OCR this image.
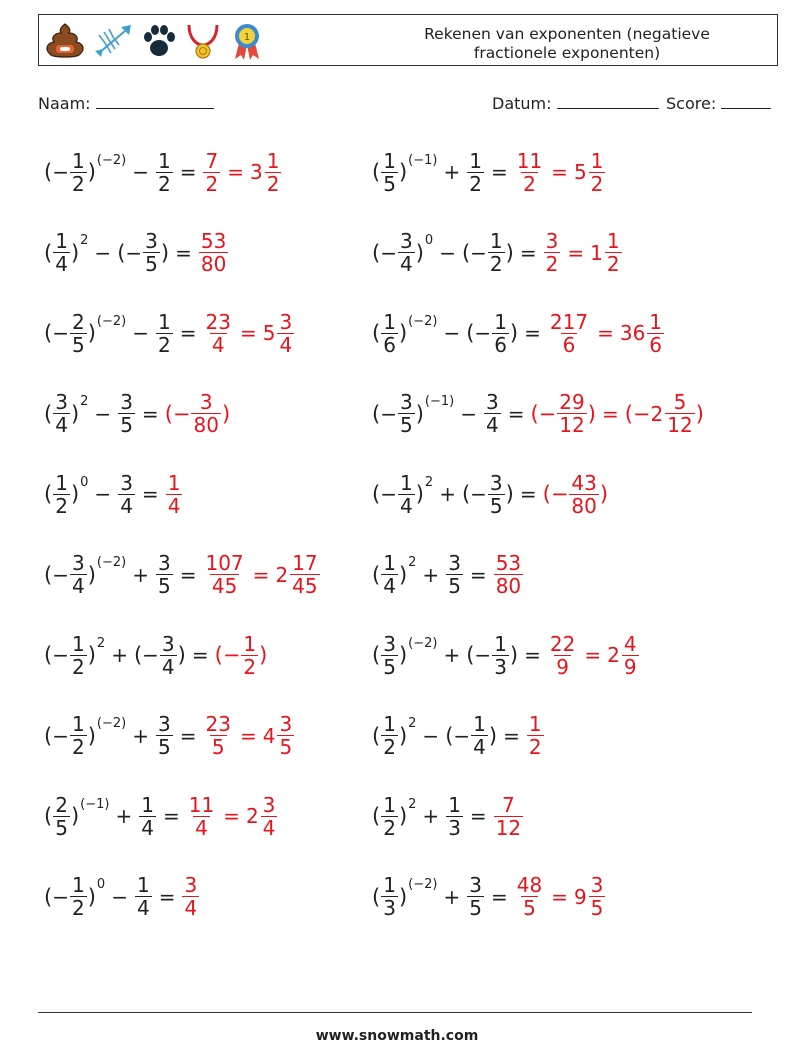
1	Rekenen van exponenten (negatieve
fractionele exponenten)
Naam:	Datum:	Score:
( − $\frac{1}{2}$ ) $(-2) - \frac{1}{2} = \frac{7}{2} = 3 \frac{1}{2}$	( $\frac{1}{5}$ ) $(-1) + \frac{1}{2} = \frac{11}{2} = 5 \frac{1}{2}$
( $\frac{1}{4}$ ) 2 − ( − $\frac{3}{5}$ ) = $\frac{53}{80}$	( − $\frac{3}{4}$ ) 0 − ( − $\frac{1}{2}$ ) = $\frac{3}{2} = 1 \frac{1}{2}$
( − $\frac{2}{5}$ ) $(-2) - \frac{1}{2} = \frac{23}{4} = 5 \frac{3}{4}$	( $\frac{1}{6}$ ) (−2) − ( − $\frac{1}{6}$ ) = $\frac{217}{6} = 36 \frac{1}{6}$
( $\frac{3}{4}$ ) $2 - \frac{3}{5}$ = (− $\frac{3}{80}$ )	( − $\frac{3}{5}$ ) $(-1) - \frac{3}{4}$ = (− $\frac{29}{12}$ ) = (− $2 \frac{5}{12}$ )
( $\frac{1}{2}$ ) $0 - \frac{3}{4} = \frac{1}{4}$	( − $\frac{1}{4}$ ) 2 + ( − $\frac{3}{5}$ ) = (− $\frac{43}{80}$ )
( − $\frac{3}{4}$ ) $(-2) + \frac{3}{5} = \frac{107}{45} = 2 \frac{17}{45}$ ( $\frac{1}{4}$ ) $2 + \frac{3}{5} = \frac{53}{80}$
( − $\frac{1}{2}$ ) 2 + ( − $\frac{3}{4}$ ) = (− $\frac{1}{2}$ )	( $\frac{3}{5}$ ) (−2) + ( − $\frac{1}{3}$ ) = $\frac{22}{9} = 2 \frac{4}{9}$
( − $\frac{1}{2}$ ) $(-2) + \frac{3}{5} = \frac{23}{5} = 4 \frac{3}{5}$	( $\frac{1}{2}$ ) 2 − ( − $\frac{1}{4}$ ) = $\frac{1}{2}$
( $\frac{2}{5}$ ) $(-1) + \frac{1}{4} = \frac{11}{4} = 2 \frac{3}{4}$	( $\frac{1}{2}$ ) $2 + \frac{1}{3} = \frac{7}{12}$
( − $\frac{1}{2}$ ) $0 - \frac{1}{4} = \frac{3}{4}$	( $\frac{1}{3}$ ) $(-2) + \frac{3}{5} = \frac{48}{5} = 9 \frac{3}{5}$
www.snowmath.com
